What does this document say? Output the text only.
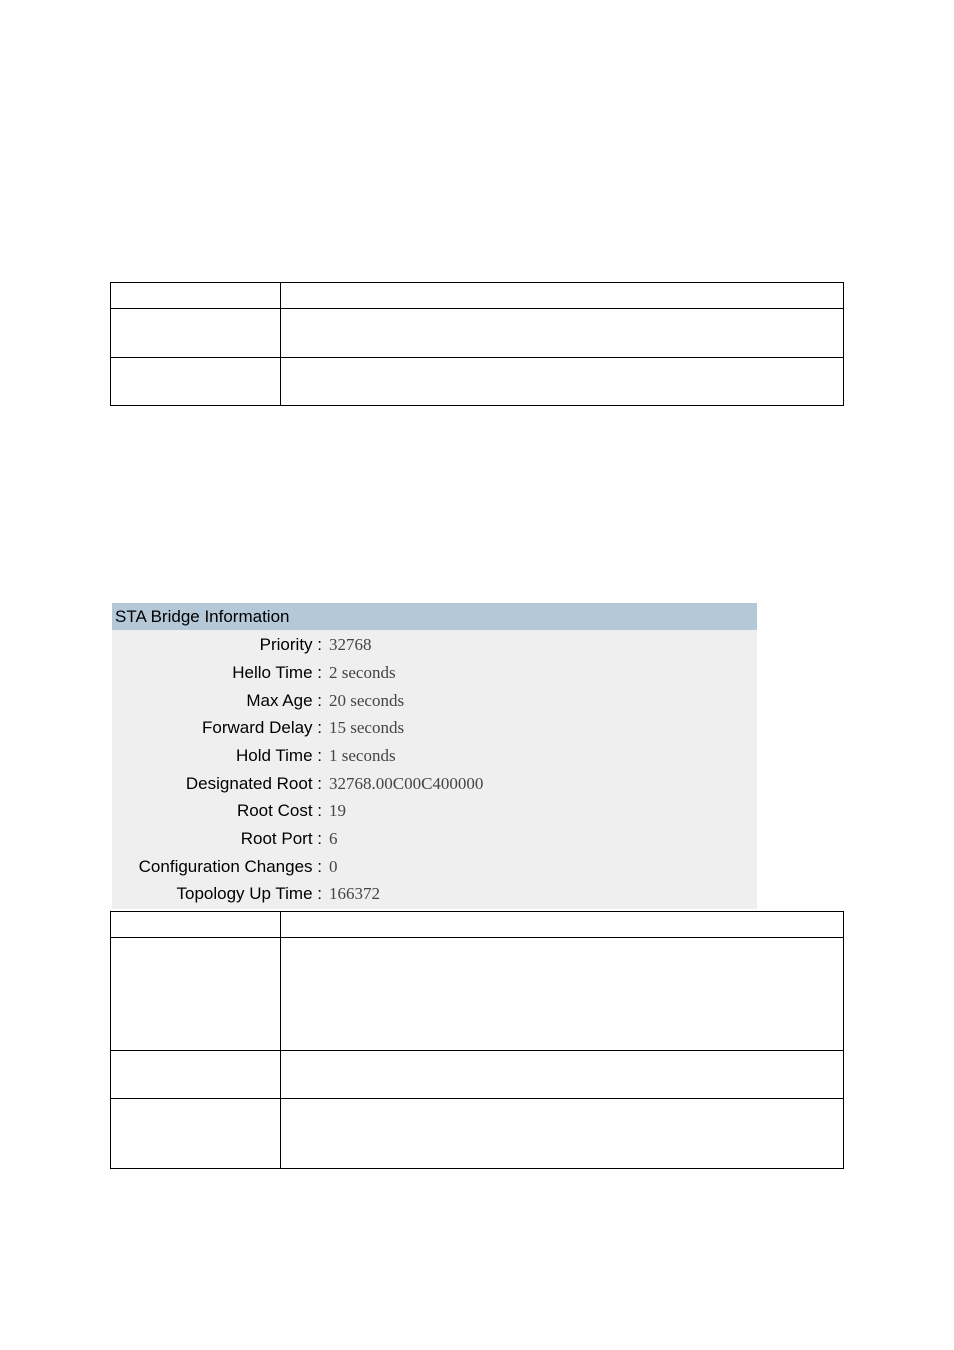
STA Bridge Information
Priority : 32768
Hello Time : 2 seconds
Max Age : 20 seconds
Forward Delay : 15 seconds
Hold Time : 1 seconds
Designated Root : 32768.00C00C400000
Root Cost : 19
Root Port : 6
Configuration Changes : 0
Topology Up Time : 166372
